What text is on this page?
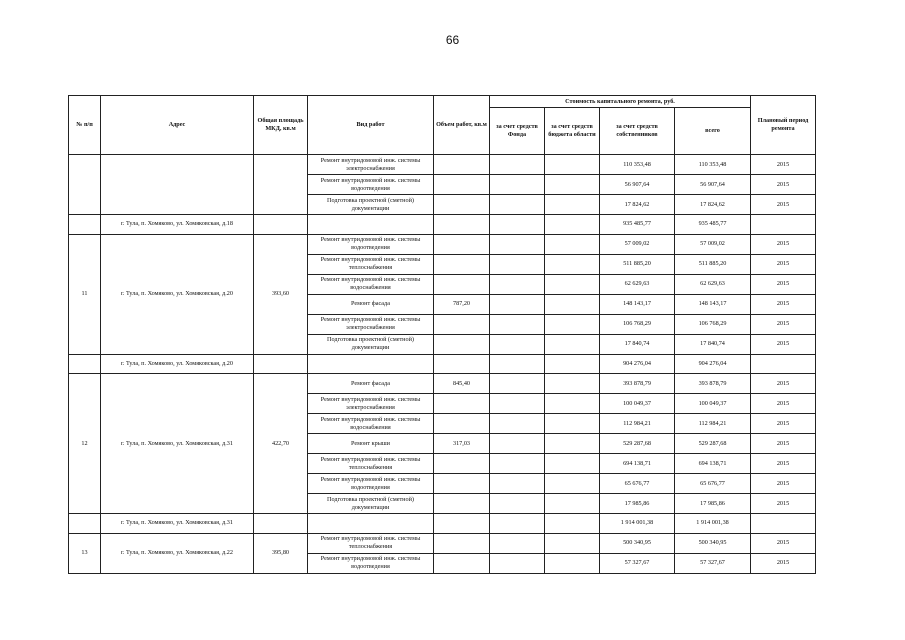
66
№ п/п	Адрес	Общая площадь МКД, кв.м	Вид работ	Объем работ, кв.м	Стоимость капитального ремонта, руб.				Плановый период ремонта
					за счет средств Фонда	за счет средств бюджета области	за счет средств собственников	всего	
			Ремонт внутридомовой инж. системы электроснабжения				110 353,48	110 353,48	2015
			Ремонт внутридомовой инж. системы водоотведения				56 907,64	56 907,64	2015
			Подготовка проектной (сметной) документации				17 824,62	17 824,62	2015
	г. Тула, п. Хомяково, ул. Хомяковская, д.18						935 485,77	935 485,77	
11	г. Тула, п. Хомяково, ул. Хомяковская, д.20	393,60	Ремонт внутридомовой инж. системы водоотведения				57 009,02	57 009,02	2015
			Ремонт внутридомовой инж. системы теплоснабжения				511 885,20	511 885,20	2015
			Ремонт внутридомовой инж. системы водоснабжения				62 629,63	62 629,63	2015
			Ремонт фасада	787,20			148 143,17	148 143,17	2015
			Ремонт внутридомовой инж. системы электроснабжения				106 768,29	106 768,29	2015
			Подготовка проектной (сметной) документации				17 840,74	17 840,74	2015
	г. Тула, п. Хомяково, ул. Хомяковская, д.20						904 276,04	904 276,04	
12	г. Тула, п. Хомяково, ул. Хомяковская, д.31	422,70	Ремонт фасада	845,40			393 878,79	393 878,79	2015
			Ремонт внутридомовой инж. системы электроснабжения				100 049,37	100 049,37	2015
			Ремонт внутридомовой инж. системы водоснабжения				112 984,21	112 984,21	2015
			Ремонт крыши	317,03			529 287,68	529 287,68	2015
			Ремонт внутридомовой инж. системы теплоснабжения				694 138,71	694 138,71	2015
			Ремонт внутридомовой инж. системы водоотведения				65 676,77	65 676,77	2015
			Подготовка проектной (сметной) документации				17 985,86	17 985,86	2015
	г. Тула, п. Хомяково, ул. Хомяковская, д.31						1 914 001,38	1 914 001,38	
13	г. Тула, п. Хомяково, ул. Хомяковская, д.22	395,80	Ремонт внутридомовой инж. системы теплоснабжения				500 340,95	500 340,95	2015
			Ремонт внутридомовой инж. системы водоотведения				57 327,67	57 327,67	2015
